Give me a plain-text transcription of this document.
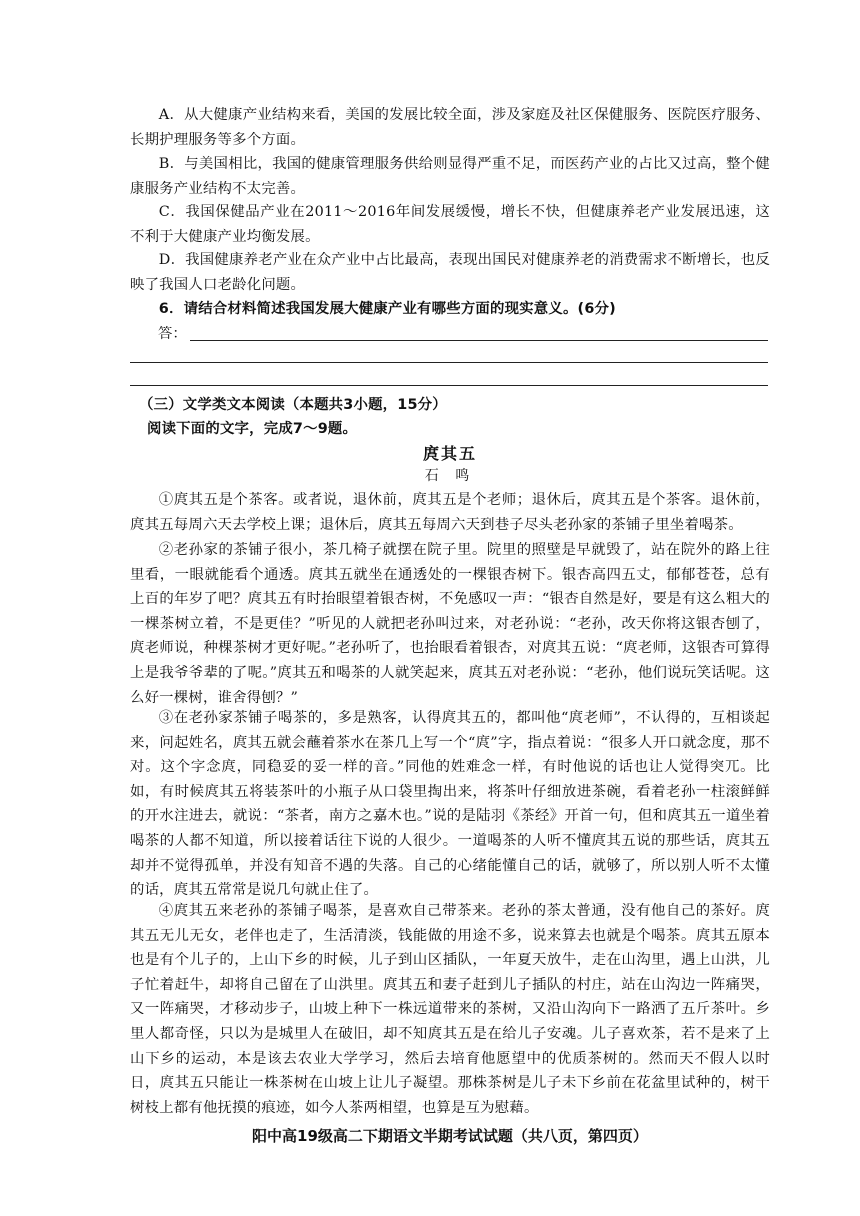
A．从大健康产业结构来看，美国的发展比较全面，涉及家庭及社区保健服务、医院医疗服务、长期护理服务等多个方面。

B．与美国相比，我国的健康管理服务供给则显得严重不足，而医药产业的占比又过高，整个健康服务产业结构不太完善。

C．我国保健品产业在2011～2016年间发展缓慢，增长不快，但健康养老产业发展迅速，这不利于大健康产业均衡发展。

D．我国健康养老产业在众产业中占比最高，表现出国民对健康养老的消费需求不断增长，也反映了我国人口老龄化问题。

6．请结合材料简述我国发展大健康产业有哪些方面的现实意义。(6分)

答：

（三）文学类文本阅读（本题共3小题，15分）

阅读下面的文字，完成7～9题。

庹其五

石 鸣

①庹其五是个茶客。或者说，退休前，庹其五是个老师；退休后，庹其五是个茶客。退休前，庹其五每周六天去学校上课；退休后，庹其五每周六天到巷子尽头老孙家的茶铺子里坐着喝茶。

②老孙家的茶铺子很小，茶几椅子就摆在院子里。院里的照壁是早就毁了，站在院外的路上往里看，一眼就能看个通透。庹其五就坐在通透处的一棵银杏树下。银杏高四五丈，郁郁苍苍，总有上百的年岁了吧？庹其五有时抬眼望着银杏树，不免感叹一声：“银杏自然是好，要是有这么粗大的一棵茶树立着，不是更佳？”听见的人就把老孙叫过来，对老孙说：“老孙，改天你将这银杏刨了，庹老师说，种棵茶树才更好呢。”老孙听了，也抬眼看着银杏，对庹其五说：“庹老师，这银杏可算得上是我爷爷辈的了呢。”庹其五和喝茶的人就笑起来，庹其五对老孙说：“老孙，他们说玩笑话呢。这么好一棵树，谁舍得刨？”

③在老孙家茶铺子喝茶的，多是熟客，认得庹其五的，都叫他“庹老师”，不认得的，互相谈起来，问起姓名，庹其五就会蘸着茶水在茶几上写一个“庹”字，指点着说：“很多人开口就念度，那不对。这个字念庹，同稳妥的妥一样的音。”同他的姓难念一样，有时他说的话也让人觉得突兀。比如，有时候庹其五将装茶叶的小瓶子从口袋里掏出来，将茶叶仔细放进茶碗，看着老孙一柱滚鲜鲜的开水注进去，就说：“茶者，南方之嘉木也。”说的是陆羽《茶经》开首一句，但和庹其五一道坐着喝茶的人都不知道，所以接着话往下说的人很少。一道喝茶的人听不懂庹其五说的那些话，庹其五却并不觉得孤单，并没有知音不遇的失落。自己的心绪能懂自己的话，就够了，所以别人听不太懂的话，庹其五常常是说几句就止住了。

④庹其五来老孙的茶铺子喝茶，是喜欢自己带茶来。老孙的茶太普通，没有他自己的茶好。庹其五无儿无女，老伴也走了，生活清淡，钱能做的用途不多，说来算去也就是个喝茶。庹其五原本也是有个儿子的，上山下乡的时候，儿子到山区插队，一年夏天放牛，走在山沟里，遇上山洪，儿子忙着赶牛，却将自己留在了山洪里。庹其五和妻子赶到儿子插队的村庄，站在山沟边一阵痛哭，又一阵痛哭，才移动步子，山坡上种下一株远道带来的茶树，又沿山沟向下一路洒了五斤茶叶。乡里人都奇怪，只以为是城里人在破旧，却不知庹其五是在给儿子安魂。儿子喜欢茶，若不是来了上山下乡的运动，本是该去农业大学学习，然后去培育他愿望中的优质茶树的。然而天不假人以时日，庹其五只能让一株茶树在山坡上让儿子凝望。那株茶树是儿子未下乡前在花盆里试种的，树干树枝上都有他抚摸的痕迹，如今人茶两相望，也算是互为慰藉。

阳中高19级高二下期语文半期考试试题（共八页，第四页）
